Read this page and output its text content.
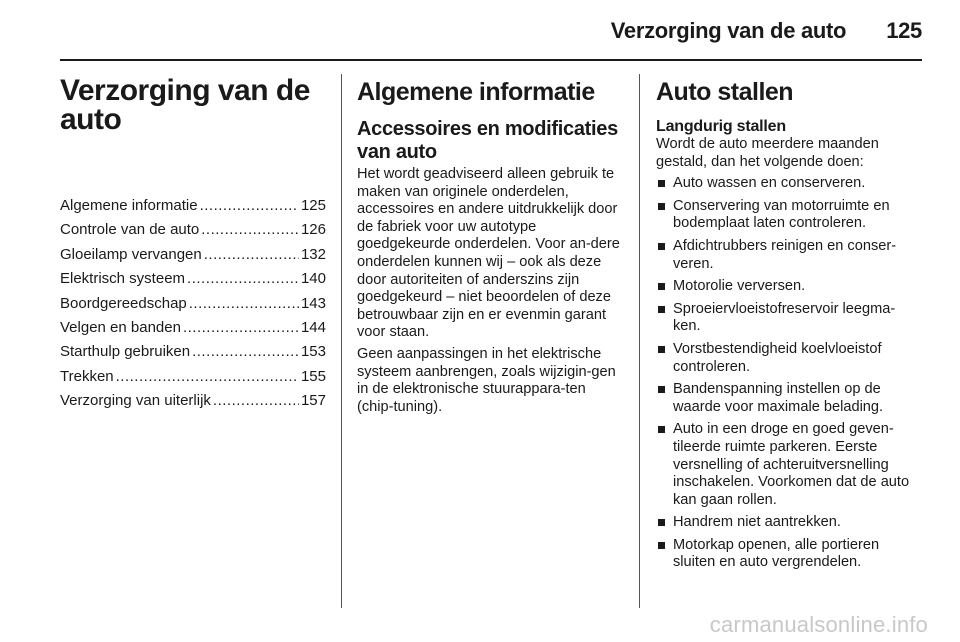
Verzorging van de auto 125
Verzorging van de auto
Algemene informatie .....	125
Controle van de auto .....	126
Gloeilamp vervangen .....	132
Elektrisch systeem .....	140
Boordgereedschap .....	143
Velgen en banden .....	144
Starthulp gebruiken .....	153
Trekken .....	155
Verzorging van uiterlijk .....	157
Algemene informatie
Accessoires en modificaties van auto

Het wordt geadviseerd alleen gebruik te maken van originele onderdelen, accessoires en andere uitdrukkelijk door de fabriek voor uw autotype goedgekeurde onderdelen. Voor an-dere onderdelen kunnen wij – ook als deze door autoriteiten of anderszins zijn goedgekeurd – niet beoordelen of deze betrouwbaar zijn en er evenmin garant voor staan.

Geen aanpassingen in het elektrische systeem aanbrengen, zoals wijzigin-gen in de elektronische stuurappara-ten (chip-tuning).

Auto stallen
Langdurig stallen

Wordt de auto meerdere maanden gestald, dan het volgende doen:

Auto wassen en conserveren.
Conservering van motorruimte en bodemplaat laten controleren.
Afdichtrubbers reinigen en conser-veren.
Motorolie verversen.
Sproeiervloeistofreservoir leegma-ken.
Vorstbestendigheid koelvloeistof controleren.
Bandenspanning instellen op de waarde voor maximale belading.
Auto in een droge en goed geven-tileerde ruimte parkeren. Eerste versnelling of achteruitversnelling inschakelen. Voorkomen dat de auto kan gaan rollen.
Handrem niet aantrekken.
Motorkap openen, alle portieren sluiten en auto vergrendelen.
carmanualsonline.info
